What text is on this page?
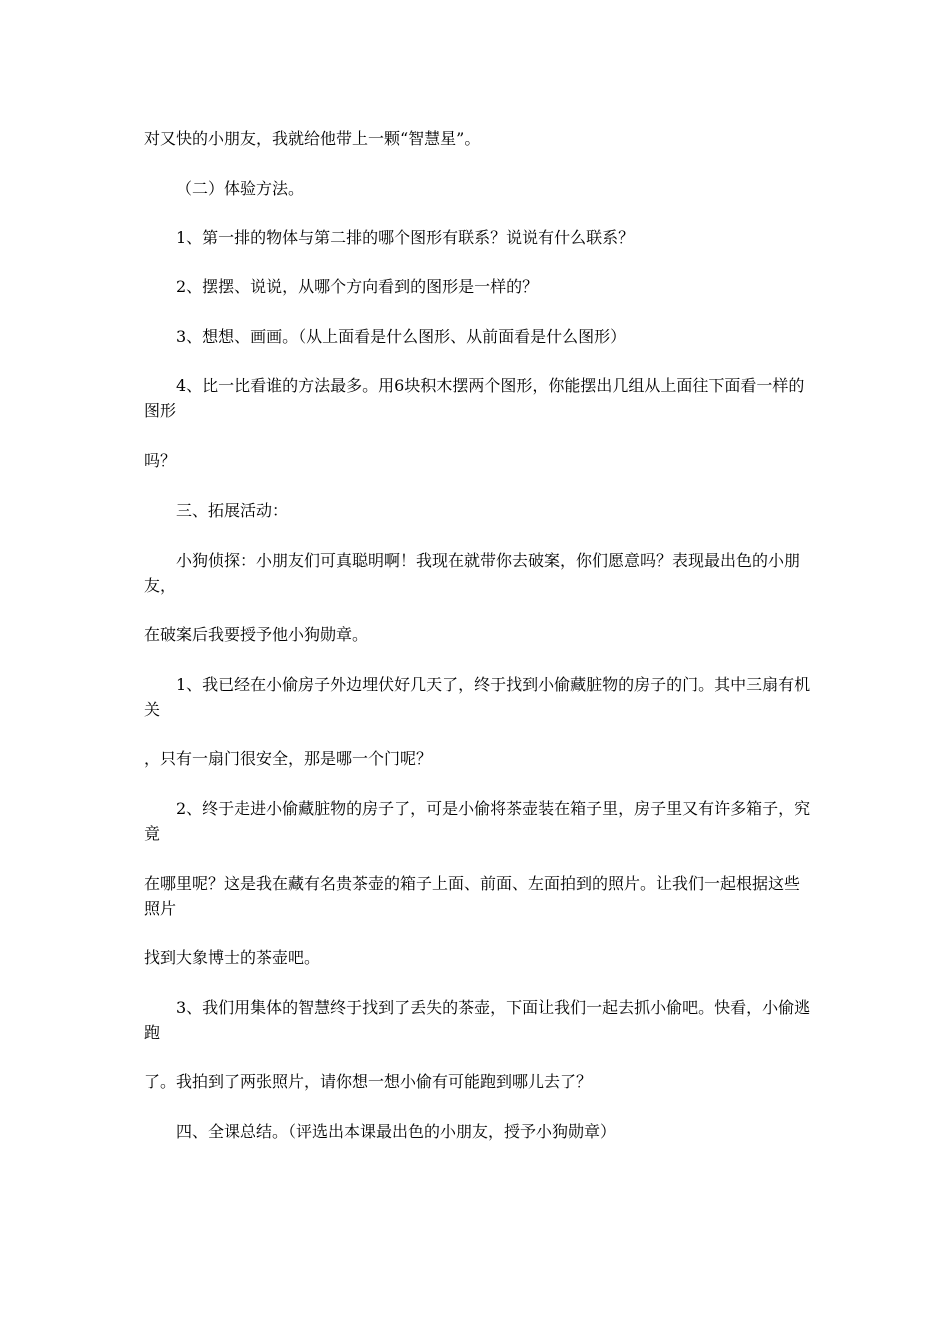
对又快的小朋友，我就给他带上一颗“智慧星”。

（二）体验方法。

1、第一排的物体与第二排的哪个图形有联系？说说有什么联系？

2、摆摆、说说，从哪个方向看到的图形是一样的？

3、想想、画画。（从上面看是什么图形、从前面看是什么图形）

4、比一比看谁的方法最多。用6块积木摆两个图形，你能摆出几组从上面往下面看一样的图形

吗？

三、拓展活动：

小狗侦探：小朋友们可真聪明啊！我现在就带你去破案，你们愿意吗？表现最出色的小朋友，

在破案后我要授予他小狗勋章。

1、我已经在小偷房子外边埋伏好几天了，终于找到小偷藏脏物的房子的门。其中三扇有机关

，只有一扇门很安全，那是哪一个门呢？

2、终于走进小偷藏脏物的房子了，可是小偷将茶壶装在箱子里，房子里又有许多箱子，究竟

在哪里呢？这是我在藏有名贵茶壶的箱子上面、前面、左面拍到的照片。让我们一起根据这些照片

找到大象博士的茶壶吧。

3、我们用集体的智慧终于找到了丢失的茶壶，下面让我们一起去抓小偷吧。快看，小偷逃跑

了。我拍到了两张照片，请你想一想小偷有可能跑到哪儿去了？

四、全课总结。（评选出本课最出色的小朋友，授予小狗勋章）
